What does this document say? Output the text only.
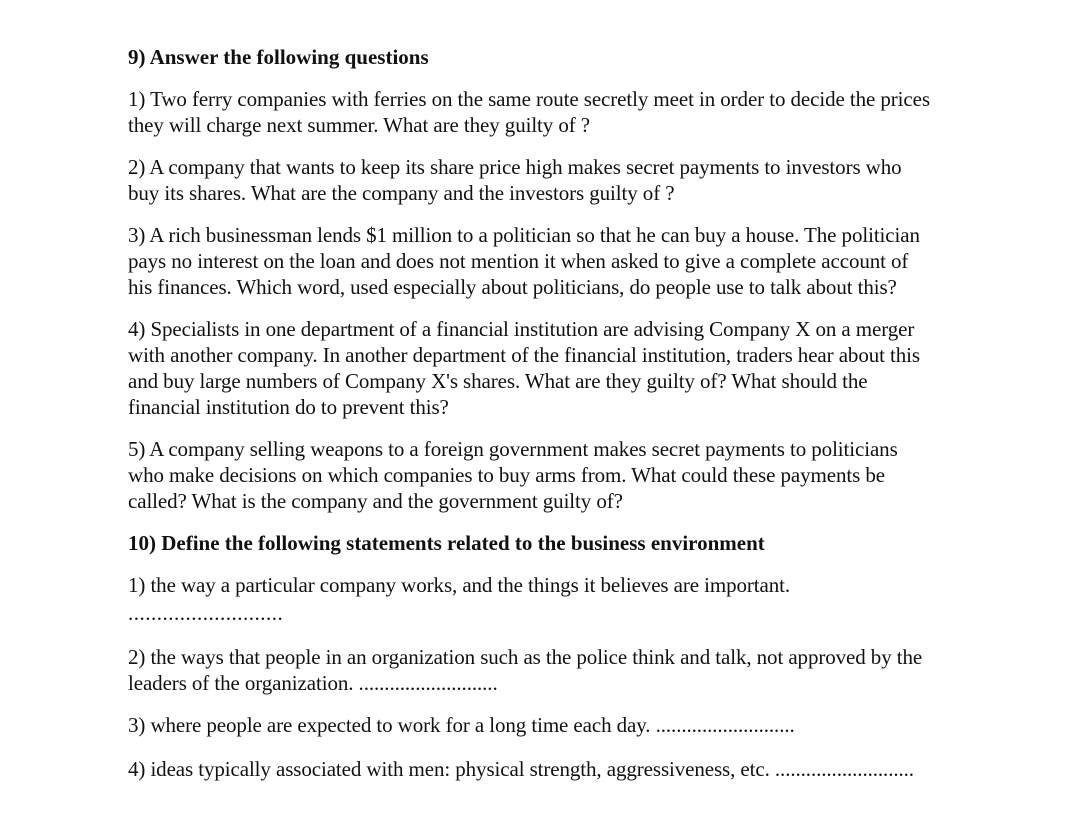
9) Answer the following questions

1) Two ferry companies with ferries on the same route secretly meet in order to decide the prices

they will charge next summer. What are they guilty of ?

2) A company that wants to keep its share price high makes secret payments to investors who

buy its shares. What are the company and the investors guilty of ?

3) A rich businessman lends $1 million to a politician so that he can buy a house. The politician

pays no interest on the loan and does not mention it when asked to give a complete account of

his finances. Which word, used especially about politicians, do people use to talk about this?

4) Specialists in one department of a financial institution are advising Company X on a merger

with another company. In another department of the financial institution, traders hear about this

and buy large numbers of Company X's shares. What are they guilty of? What should the

financial institution do to prevent this?

5) A company selling weapons to a foreign government makes secret payments to politicians

who make decisions on which companies to buy arms from. What could these payments be

called? What is the company and the government guilty of?

10) Define the following statements related to the business environment

1) the way a particular company works, and the things it believes are important.

...........................

2) the ways that people in an organization such as the police think and talk, not approved by the

leaders of the organization. ...........................

3) where people are expected to work for a long time each day. ...........................

4) ideas typically associated with men: physical strength, aggressiveness, etc. ...........................
